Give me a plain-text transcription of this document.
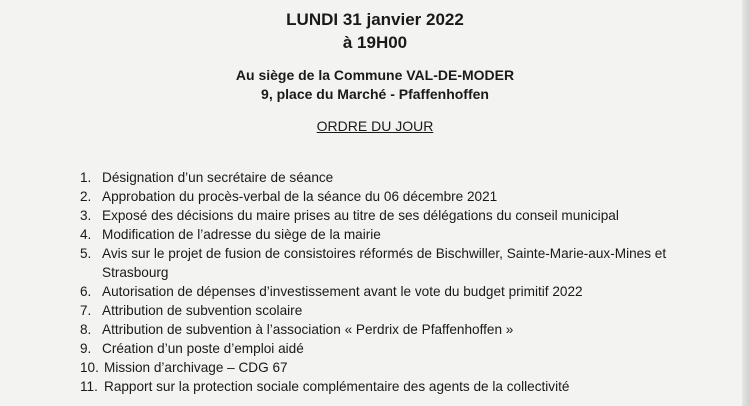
LUNDI 31 janvier 2022
à 19H00
Au siège de la Commune VAL-DE-MODER
9, place du Marché - Pfaffenhoffen
ORDRE DU JOUR
1. Désignation d’un secrétaire de séance
2. Approbation du procès-verbal de la séance du 06 décembre 2021
3. Exposé des décisions du maire prises au titre de ses délégations du conseil municipal
4. Modification de l’adresse du siège de la mairie
5. Avis sur le projet de fusion de consistoires réformés de Bischwiller, Sainte-Marie-aux-Mines et Strasbourg
6. Autorisation de dépenses d’investissement avant le vote du budget primitif 2022
7. Attribution de subvention scolaire
8. Attribution de subvention à l’association « Perdrix de Pfaffenhoffen »
9. Création d’un poste d’emploi aidé
10. Mission d’archivage – CDG 67
11. Rapport sur la protection sociale complémentaire des agents de la collectivité
